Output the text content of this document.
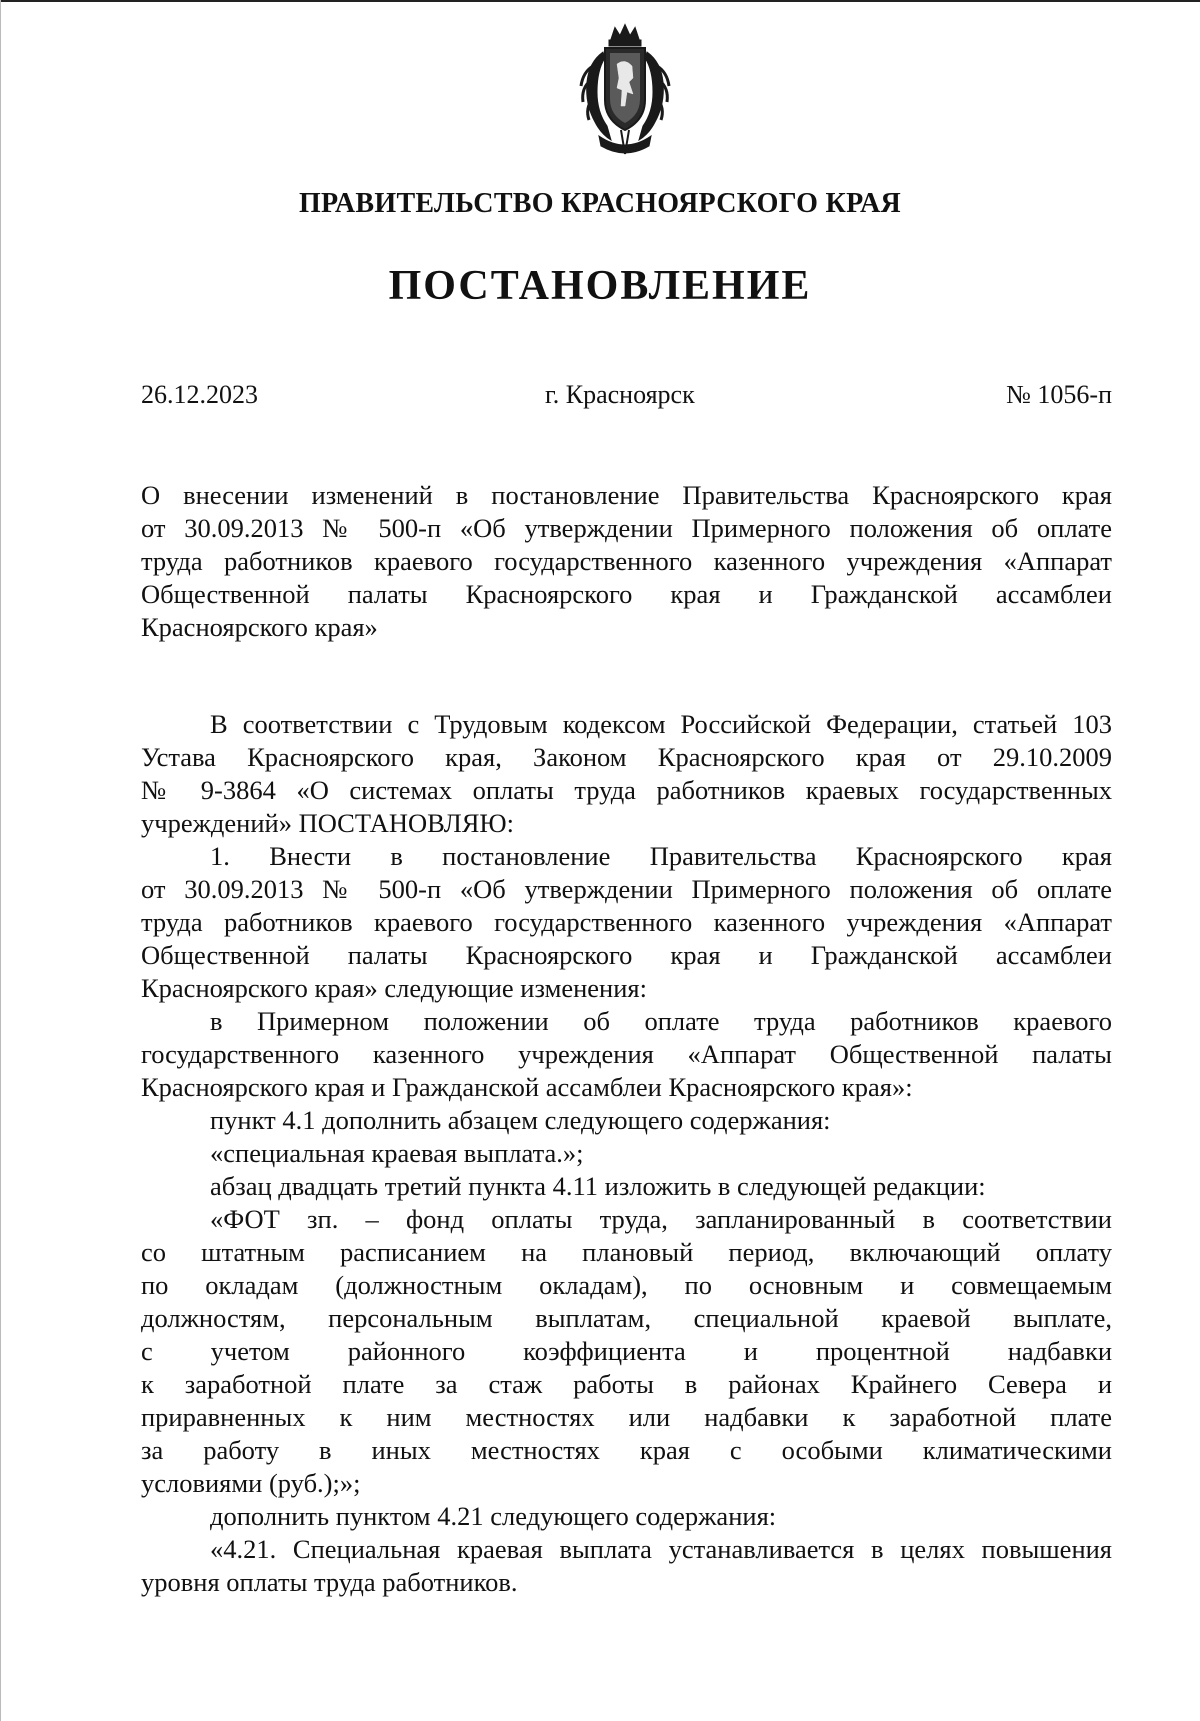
ПРАВИТЕЛЬСТВО КРАСНОЯРСКОГО КРАЯ
ПОСТАНОВЛЕНИЕ
26.12.2023	г. Красноярск	№ 1056-п
О внесении изменений в постановление Правительства Красноярского края
от 30.09.2013 № 500-п «Об утверждении Примерного положения об оплате
труда работников краевого государственного казенного учреждения «Аппарат
Общественной палаты Красноярского края и Гражданской ассамблеи
Красноярского края»
В соответствии с Трудовым кодексом Российской Федерации, статьей 103
Устава Красноярского края, Законом Красноярского края от 29.10.2009
№ 9-3864 «О системах оплаты труда работников краевых государственных
учреждений» ПОСТАНОВЛЯЮ:
1. Внести в постановление Правительства Красноярского края
от 30.09.2013 № 500-п «Об утверждении Примерного положения об оплате
труда работников краевого государственного казенного учреждения «Аппарат
Общественной палаты Красноярского края и Гражданской ассамблеи
Красноярского края» следующие изменения:
в Примерном положении об оплате труда работников краевого
государственного казенного учреждения «Аппарат Общественной палаты
Красноярского края и Гражданской ассамблеи Красноярского края»:
пункт 4.1 дополнить абзацем следующего содержания:
«специальная краевая выплата.»;
абзац двадцать третий пункта 4.11 изложить в следующей редакции:
«ФОТ зп. – фонд оплаты труда, запланированный в соответствии
со штатным расписанием на плановый период, включающий оплату
по окладам (должностным окладам), по основным и совмещаемым
должностям, персональным выплатам, специальной краевой выплате,
с учетом районного коэффициента и процентной надбавки
к заработной плате за стаж работы в районах Крайнего Севера и
приравненных к ним местностях или надбавки к заработной плате
за работу в иных местностях края с особыми климатическими
условиями (руб.);»;
дополнить пунктом 4.21 следующего содержания:
«4.21. Специальная краевая выплата устанавливается в целях повышения
уровня оплаты труда работников.
